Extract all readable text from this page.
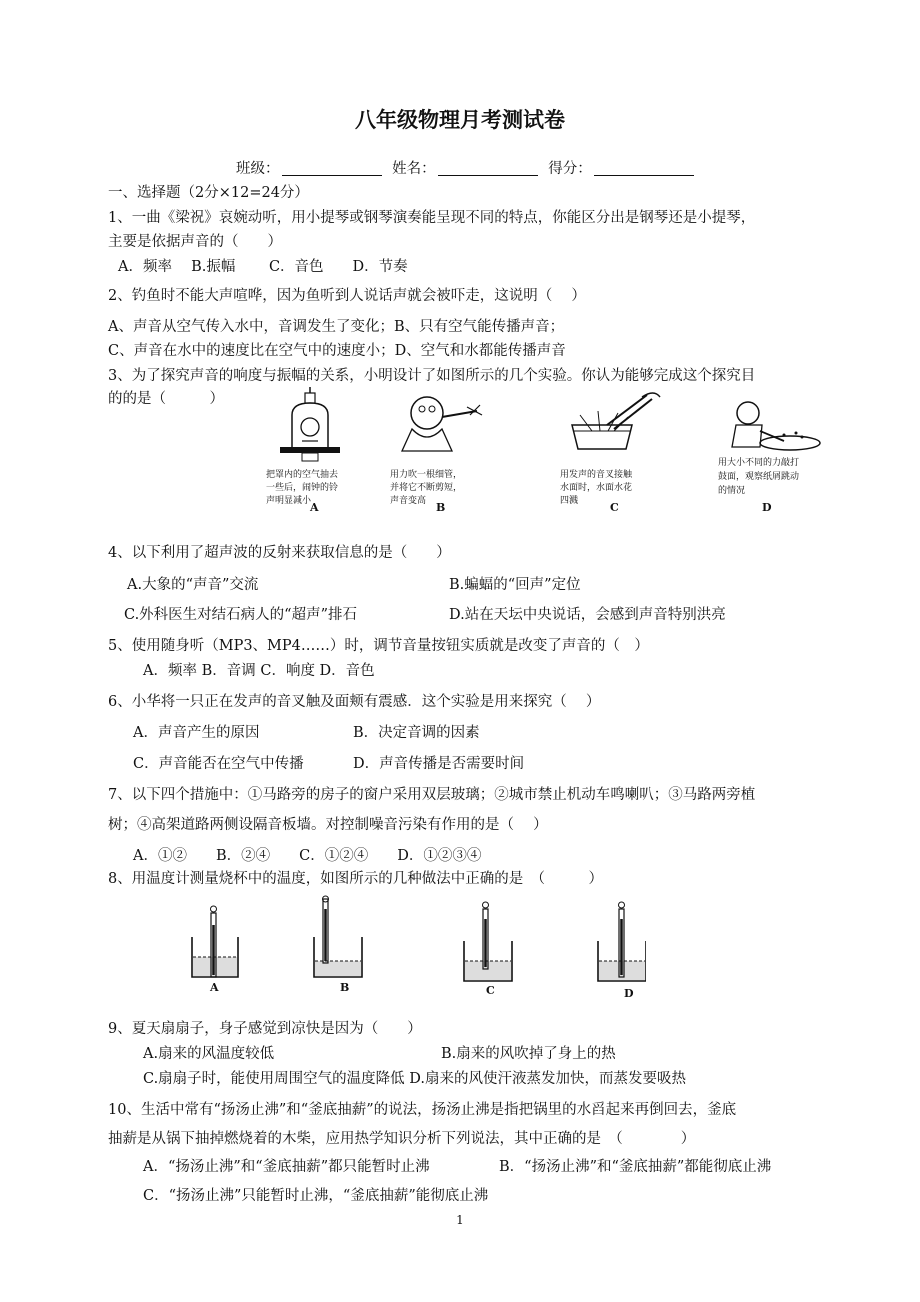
八年级物理月考测试卷
班级：	姓名：	得分：
一、选择题（2分×12=24分）
1、一曲《梁祝》哀婉动听，用小提琴或钢琴演奏能呈现不同的特点，你能区分出是钢琴还是小提琴，
主要是依据声音的（　　）
A．频率　 B.振幅　　 C．音色　　D．节奏
2、钓鱼时不能大声喧哗，因为鱼听到人说话声就会被吓走，这说明（　 ）
A、声音从空气传入水中，音调发生了变化；B、只有空气能传播声音；
C、声音在水中的速度比在空气中的速度小；D、空气和水都能传播声音
3、为了探究声音的响度与振幅的关系，小明设计了如图所示的几个实验。你认为能够完成这个探究目
的的是（　　　）
把罩内的空气抽去
一些后，闹钟的铃
声明显减小
A
用力吹一根细管，
并将它不断剪短，
声音变高 B
用发声的音叉接触
水面时，水面水花
四溅	C
用大小不同的力敲打
鼓面，观察纸屑跳动
的情况
D
4、以下利用了超声波的反射来获取信息的是（　　）
A.大象的“声音”交流	B.蝙蝠的“回声”定位
C.外科医生对结石病人的“超声”排石	D.站在天坛中央说话，会感到声音特别洪亮
5、使用随身听（MP3、MP4……）时，调节音量按钮实质就是改变了声音的（　）
A．频率 B．音调 C．响度 D．音色
6、小华将一只正在发声的音叉触及面颊有震感．这个实验是用来探究（　 ）
A．声音产生的原因	B．决定音调的因素
C．声音能否在空气中传播	D．声音传播是否需要时间
7、以下四个措施中：①马路旁的房子的窗户采用双层玻璃；②城市禁止机动车鸣喇叭；③马路两旁植
树；④高架道路两侧设隔音板墙。对控制噪音污染有作用的是（　 ）
A．①②　　B．②④　　C．①②④　　D．①②③④
8、用温度计测量烧杯中的温度，如图所示的几种做法中正确的是　（　　　）
A	B	C	D
9、夏天扇扇子，身子感觉到凉快是因为（　　）
A.扇来的风温度较低	B.扇来的风吹掉了身上的热
C.扇扇子时，能使用周围空气的温度降低 D.扇来的风使汗液蒸发加快，而蒸发要吸热
10、生活中常有“扬汤止沸”和“釜底抽薪”的说法，扬汤止沸是指把锅里的水舀起来再倒回去，釜底
抽薪是从锅下抽掉燃烧着的木柴，应用热学知识分析下列说法，其中正确的是　（　　　　）
A．“扬汤止沸”和“釜底抽薪”都只能暂时止沸	B．“扬汤止沸”和“釜底抽薪”都能彻底止沸
C．“扬汤止沸”只能暂时止沸，“釜底抽薪”能彻底止沸
1
